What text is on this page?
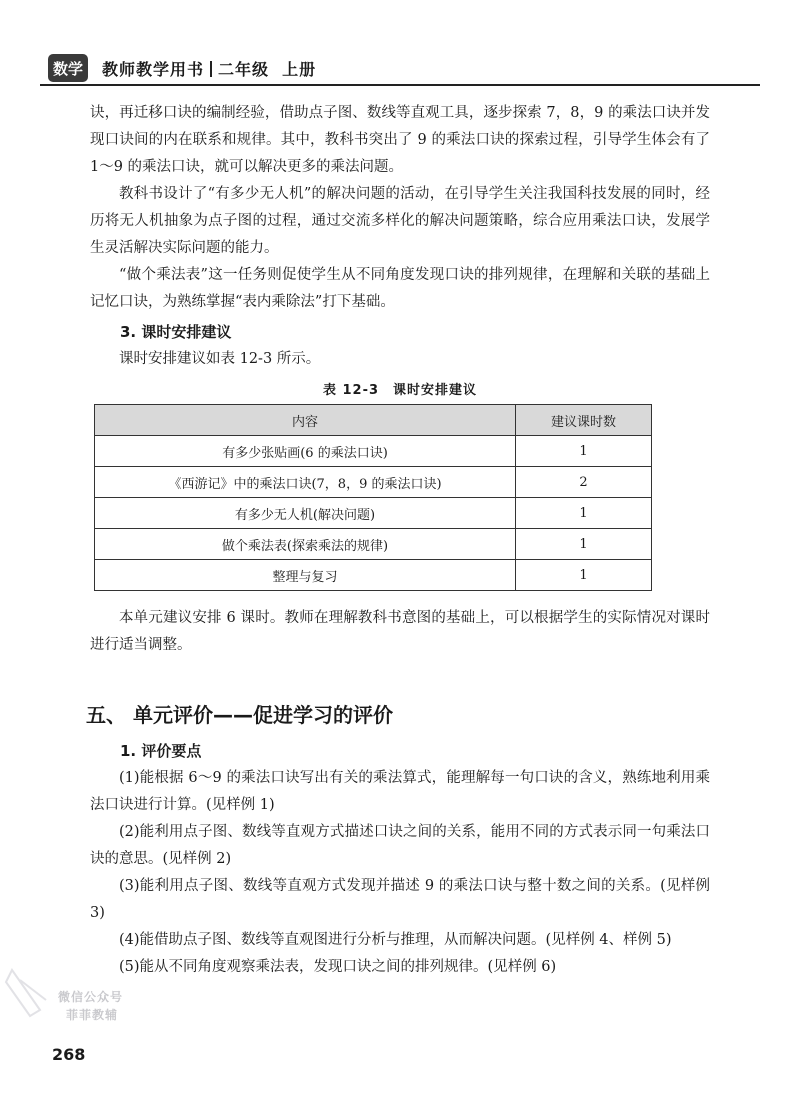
数学 教师教学用书 二年级 上册

诀，再迁移口诀的编制经验，借助点子图、数线等直观工具，逐步探索 7，8，9 的乘法口诀并发现口诀间的内在联系和规律。其中，教科书突出了 9 的乘法口诀的探索过程，引导学生体会有了 1～9 的乘法口诀，就可以解决更多的乘法问题。

教科书设计了“有多少无人机”的解决问题的活动，在引导学生关注我国科技发展的同时，经历将无人机抽象为点子图的过程，通过交流多样化的解决问题策略，综合应用乘法口诀，发展学生灵活解决实际问题的能力。

“做个乘法表”这一任务则促使学生从不同角度发现口诀的排列规律，在理解和关联的基础上记忆口诀，为熟练掌握“表内乘除法”打下基础。

3. 课时安排建议

课时安排建议如表 12-3 所示。

表 12-3　课时安排建议
内容	建议课时数
有多少张贴画(6 的乘法口诀)	1
《西游记》中的乘法口诀(7，8，9 的乘法口诀)	2
有多少无人机(解决问题)	1
做个乘法表(探索乘法的规律)	1
整理与复习	1

本单元建议安排 6 课时。教师在理解教科书意图的基础上，可以根据学生的实际情况对课时进行适当调整。

五、 单元评价——促进学习的评价
1. 评价要点

(1)能根据 6～9 的乘法口诀写出有关的乘法算式，能理解每一句口诀的含义，熟练地利用乘法口诀进行计算。(见样例 1)

(2)能利用点子图、数线等直观方式描述口诀之间的关系，能用不同的方式表示同一句乘法口诀的意思。(见样例 2)

(3)能利用点子图、数线等直观方式发现并描述 9 的乘法口诀与整十数之间的关系。(见样例 3)

(4)能借助点子图、数线等直观图进行分析与推理，从而解决问题。(见样例 4、样例 5)

(5)能从不同角度观察乘法表，发现口诀之间的排列规律。(见样例 6)

微信公众号
菲菲教辅
268
